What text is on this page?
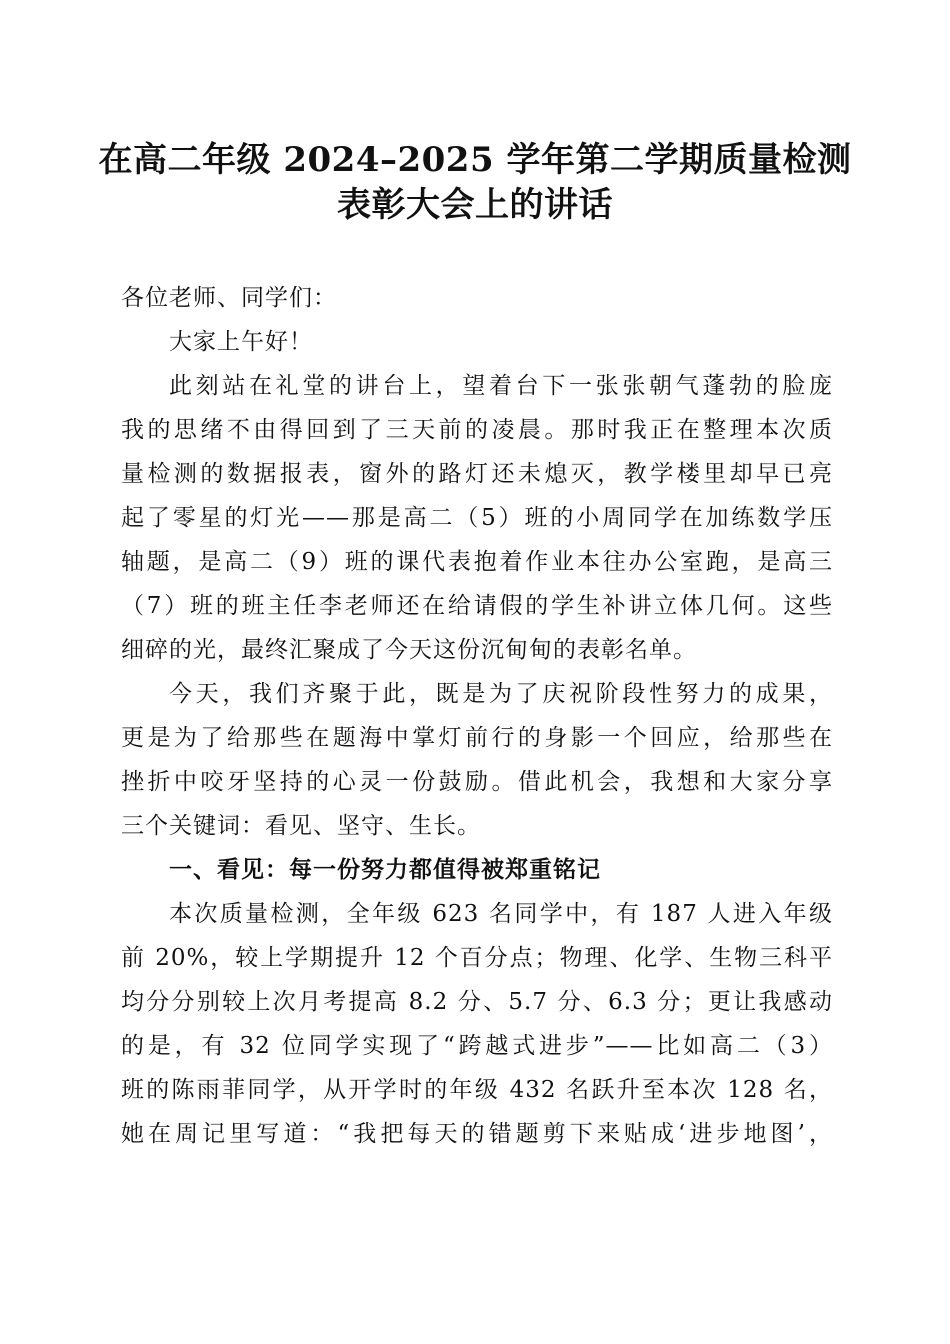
在高二年级 2024–2025 学年第二学期质量检测
表彰大会上的讲话
各位老师、同学们：
大家上午好！
此刻站在礼堂的讲台上，望着台下一张张朝气蓬勃的脸庞
我的思绪不由得回到了三天前的凌晨。那时我正在整理本次质
量检测的数据报表，窗外的路灯还未熄灭，教学楼里却早已亮
起了零星的灯光——那是高二（5）班的小周同学在加练数学压
轴题，是高二（9）班的课代表抱着作业本往办公室跑，是高三
（7）班的班主任李老师还在给请假的学生补讲立体几何。这些
细碎的光，最终汇聚成了今天这份沉甸甸的表彰名单。
今天，我们齐聚于此，既是为了庆祝阶段性努力的成果，
更是为了给那些在题海中掌灯前行的身影一个回应，给那些在
挫折中咬牙坚持的心灵一份鼓励。借此机会，我想和大家分享
三个关键词：看见、坚守、生长。
一、看见：每一份努力都值得被郑重铭记
本次质量检测，全年级 623 名同学中，有 187 人进入年级
前 20%，较上学期提升 12 个百分点；物理、化学、生物三科平
均分分别较上次月考提高 8.2 分、5.7 分、6.3 分；更让我感动
的是，有 32 位同学实现了“跨越式进步”——比如高二（3）
班的陈雨菲同学，从开学时的年级 432 名跃升至本次 128 名，
她在周记里写道：“我把每天的错题剪下来贴成‘进步地图’，
